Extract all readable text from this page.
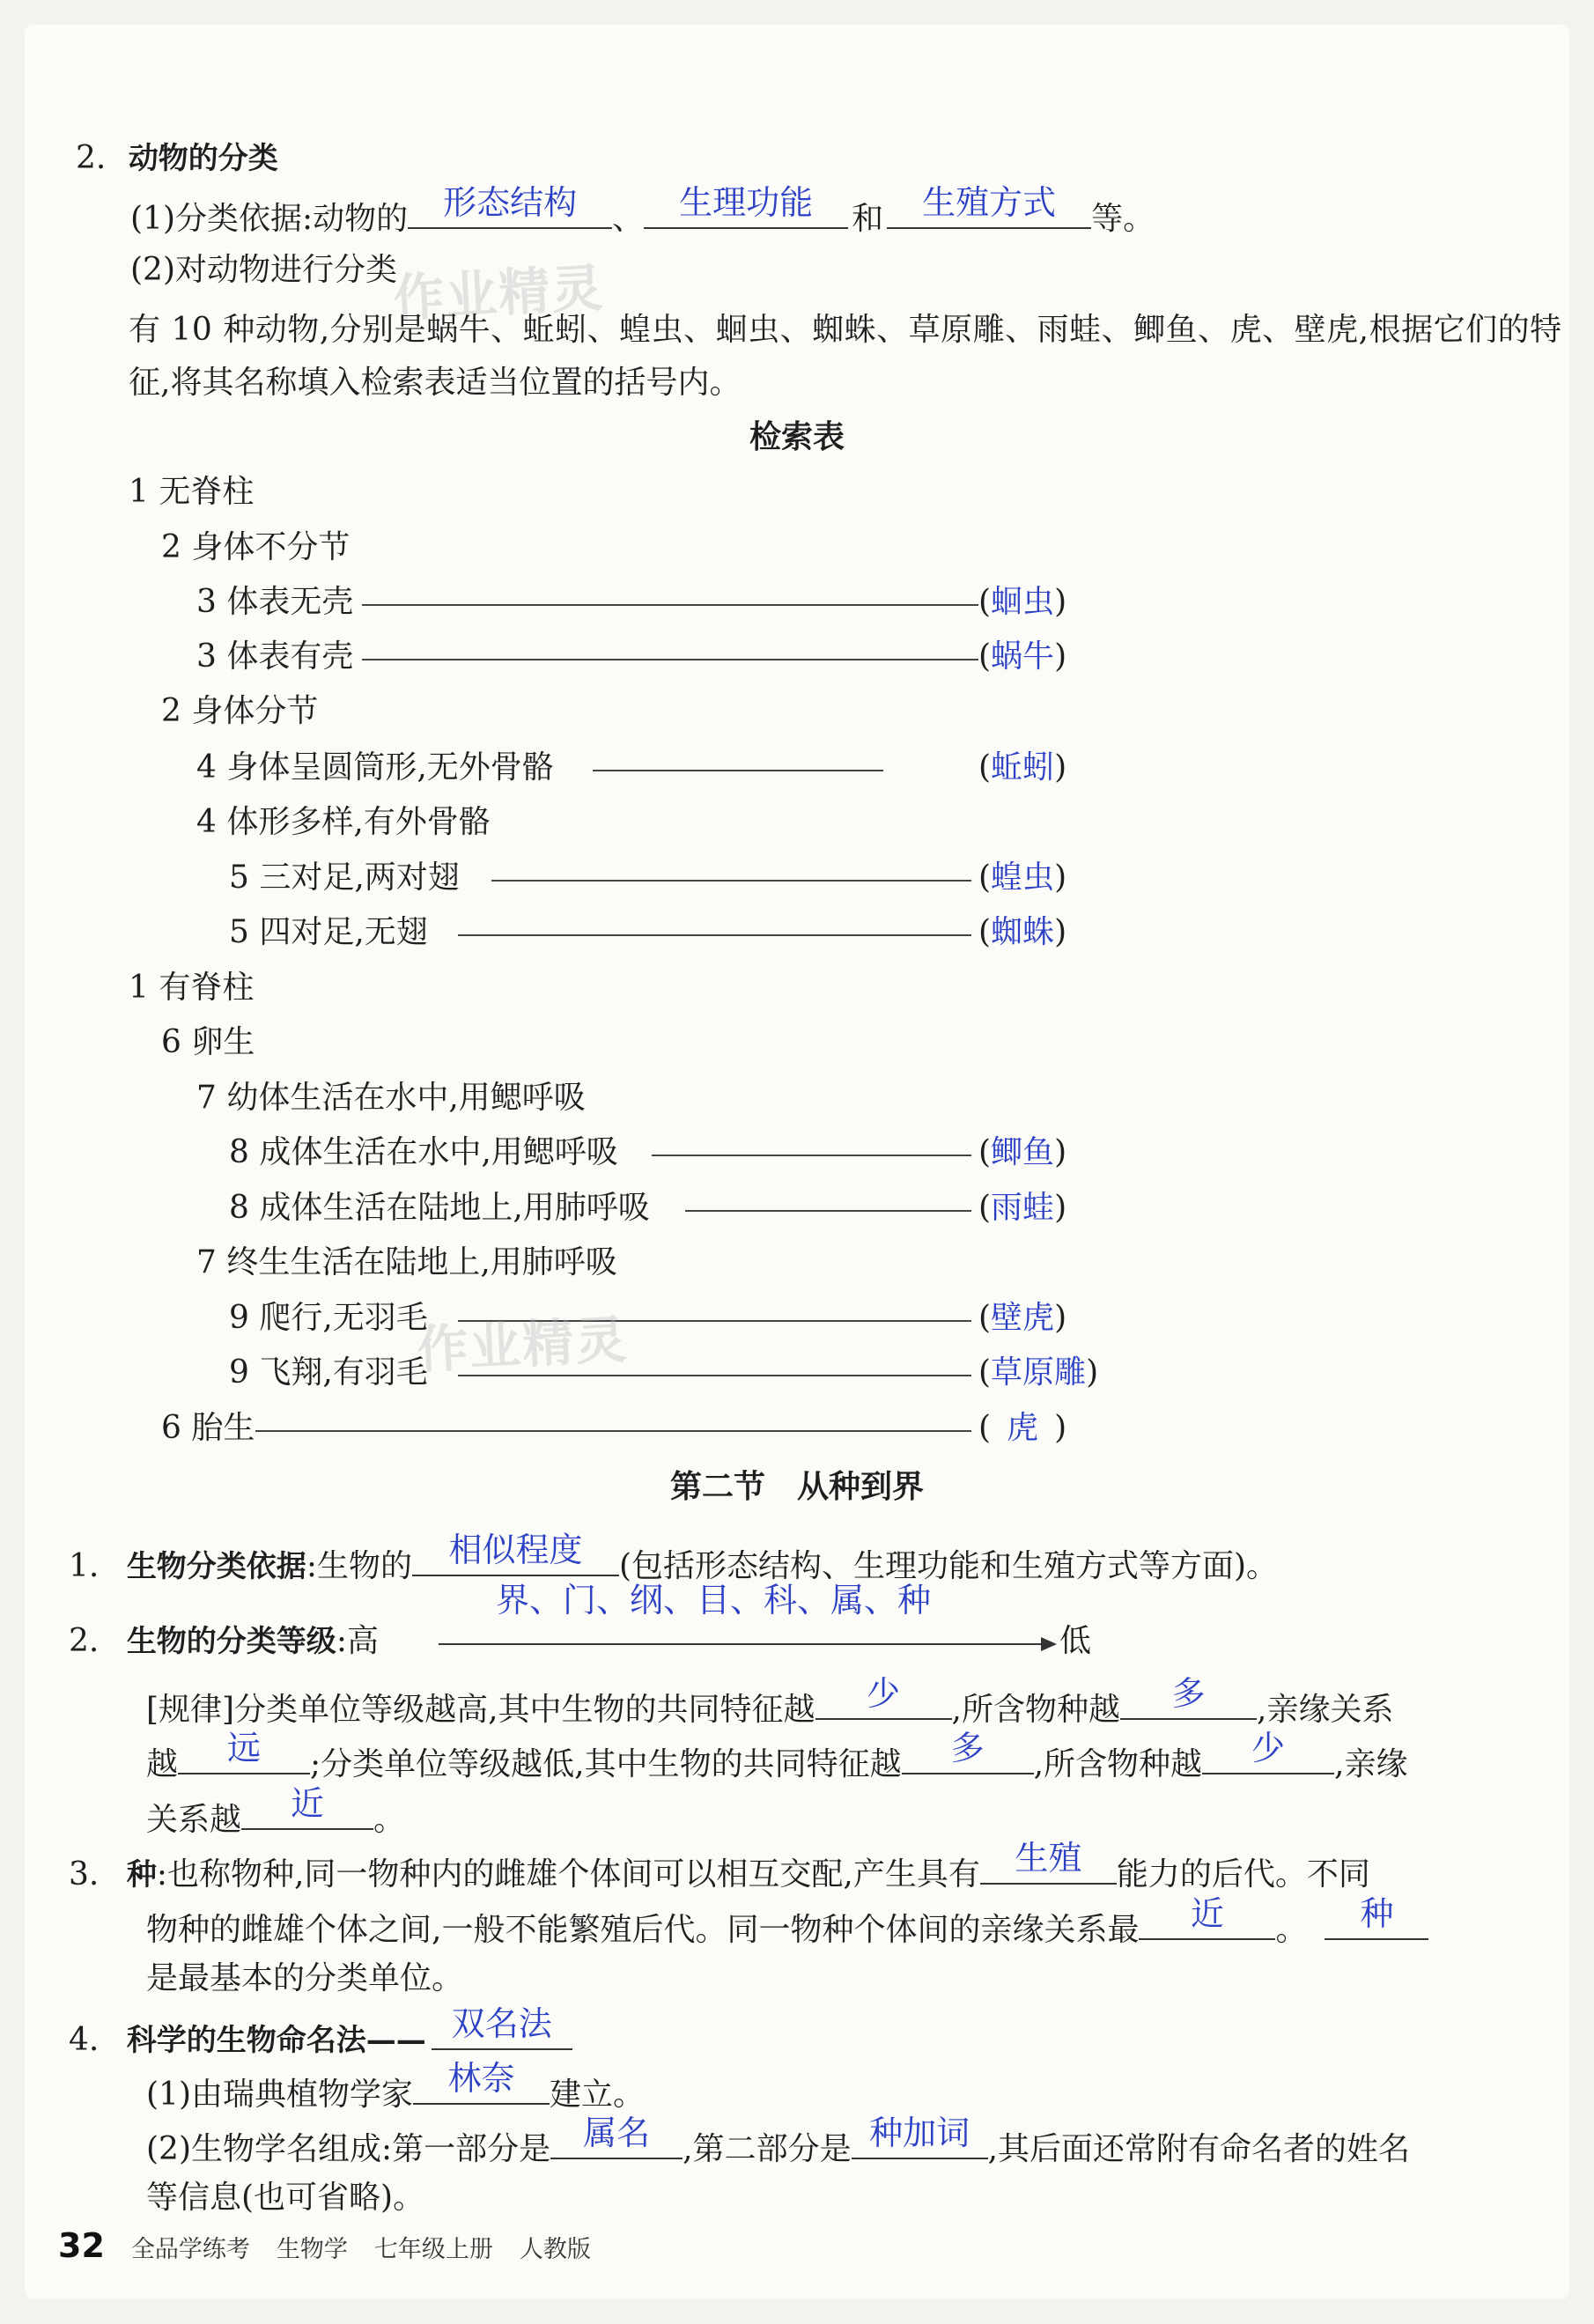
2. 动物的分类
(1)分类依据:动物的	形态结构	、	生理功能	和	生殖方式	等。
(2)对动物进行分类
作业精灵
有 10 种动物,分别是蜗牛、蚯蚓、蝗虫、蛔虫、蜘蛛、草原雕、雨蛙、鲫鱼、虎、壁虎,根据它们的特
征,将其名称填入检索表适当位置的括号内。
检索表
1 无脊柱
2 身体不分节
3 体表无壳	(蛔虫)
3 体表有壳	(蜗牛)
2 身体分节
4 身体呈圆筒形,无外骨骼	(蚯蚓)
4 体形多样,有外骨骼
5 三对足,两对翅	(蝗虫)
5 四对足,无翅	(蜘蛛)
1 有脊柱
6 卵生
7 幼体生活在水中,用鳃呼吸
8 成体生活在水中,用鳃呼吸	(鲫鱼)
8 成体生活在陆地上,用肺呼吸	(雨蛙)
7 终生生活在陆地上,用肺呼吸
9 爬行,无羽毛	(壁虎)
作业精灵
9 飞翔,有羽毛	(草原雕)
6 胎生	( 虎 )
第二节　从种到界
1. 生物分类依据:生物的	相似程度	(包括形态结构、生理功能和生殖方式等方面)。
2. 生物的分类等级:高
界、门、纲、目、科、属、种
低
[规律]分类单位等级越高,其中生物的共同特征越	少	,所含物种越	多	,亲缘关系
越	远	;分类单位等级越低,其中生物的共同特征越	多	,所含物种越	少	,亲缘
关系越	近	。
3. 种:也称物种,同一物种内的雌雄个体间可以相互交配,产生具有	生殖	能力的后代。不同
物种的雌雄个体之间,一般不能繁殖后代。同一物种个体间的亲缘关系最	近	。	种
是最基本的分类单位。
4. 科学的生物命名法—— 双名法
(1)由瑞典植物学家	林奈	建立。
(2)生物学名组成:第一部分是 属名	,第二部分是 种加词 ,其后面还常附有命名者的姓名
等信息(也可省略)。
32 全品学练考 生物学 七年级上册 人教版
